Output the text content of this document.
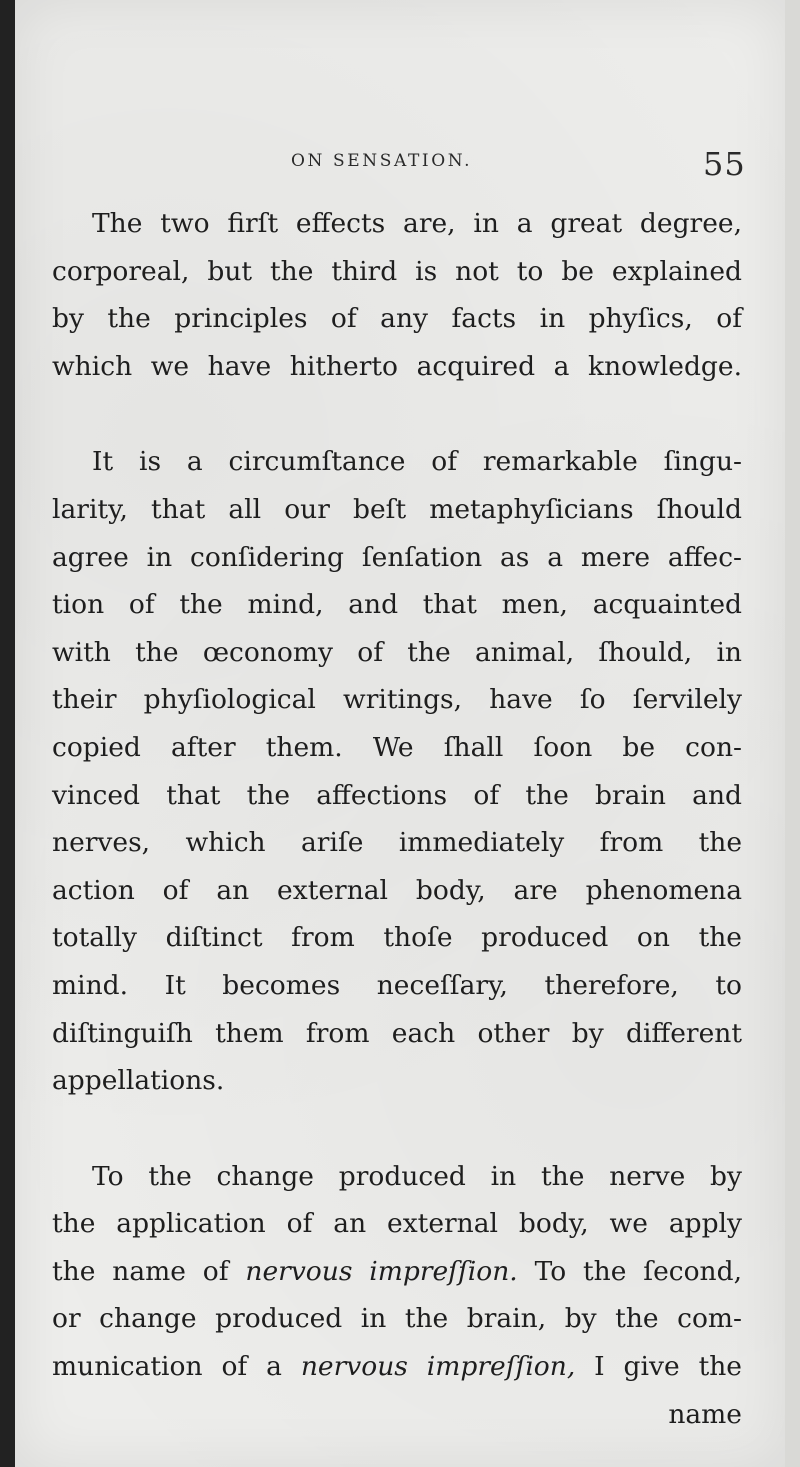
ON SENSATION.	55
The two firſt effects are, in a great degree,
corporeal, but the third is not to be explained
by the principles of any facts in phyſics, of
which we have hitherto acquired a knowledge.
It is a circumſtance of remarkable ſingu-
larity, that all our beſt metaphyſicians ſhould
agree in conſidering ſenſation as a mere affec-
tion of the mind, and that men, acquainted
with the œconomy of the animal, ſhould, in
their phyſiological writings, have ſo ſervilely
copied after them. We ſhall ſoon be con-
vinced that the affections of the brain and
nerves, which ariſe immediately from the
action of an external body, are phenomena
totally diſtinct from thoſe produced on the
mind. It becomes neceſſary, therefore, to
diſtinguiſh them from each other by different
appellations.
To the change produced in the nerve by
the application of an external body, we apply
the name of nervous impreſſion. To the ſecond,
or change produced in the brain, by the com-
munication of a nervous impreſſion, I give the
name
